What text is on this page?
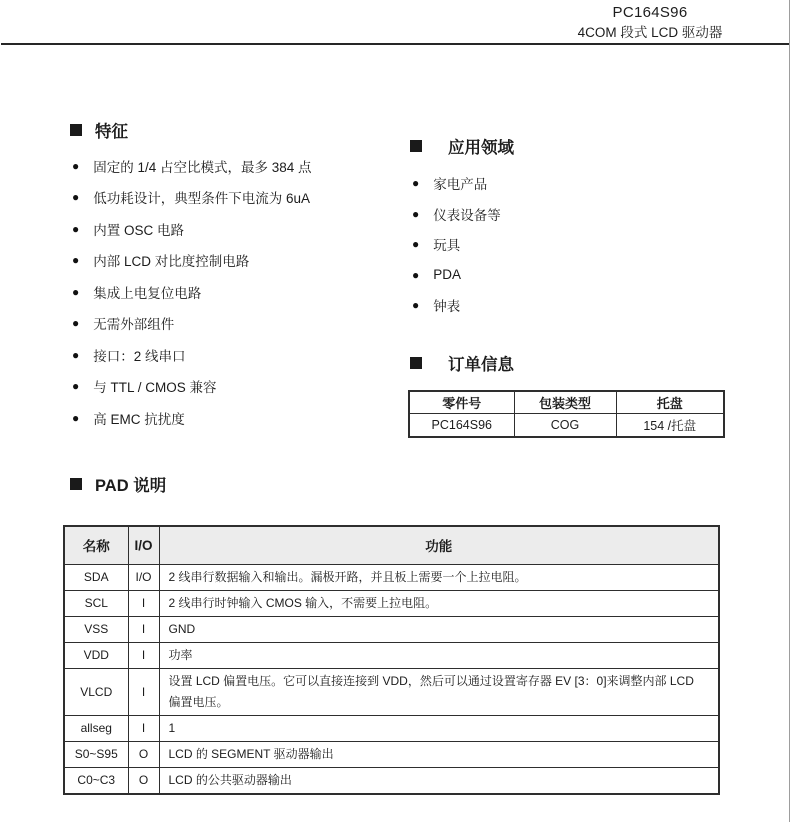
PC164S96
4COM 段式 LCD 驱动器
特征
●
固定的 1/4 占空比模式，最多 384 点
●
低功耗设计，典型条件下电流为 6uA
●
内置 OSC 电路
●
内部 LCD 对比度控制电路
●
集成上电复位电路
●
无需外部组件
●
接口：2 线串口
●
与 TTL / CMOS 兼容
●
高 EMC 抗扰度
应用领域
●
家电产品
●
仪表设备等
●
玩具
●
PDA
●
钟表
订单信息
零件号	包装类型	托盘
PC164S96	COG	154 /托盘
PAD 说明
名称	I/O	功能
SDA	I/O	2 线串行数据输入和输出。漏极开路，并且板上需要一个上拉电阻。
SCL	I	2 线串行时钟输入 CMOS 输入，不需要上拉电阻。
VSS	I	GND
VDD	I	功率
VLCD	I	设置 LCD 偏置电压。它可以直接连接到 VDD，然后可以通过设置寄存器 EV [3：0]来调整内部 LCD 偏置电压。
allseg	I	1
S0~S95	O	LCD 的 SEGMENT 驱动器输出
C0~C3	O	LCD 的公共驱动器输出
